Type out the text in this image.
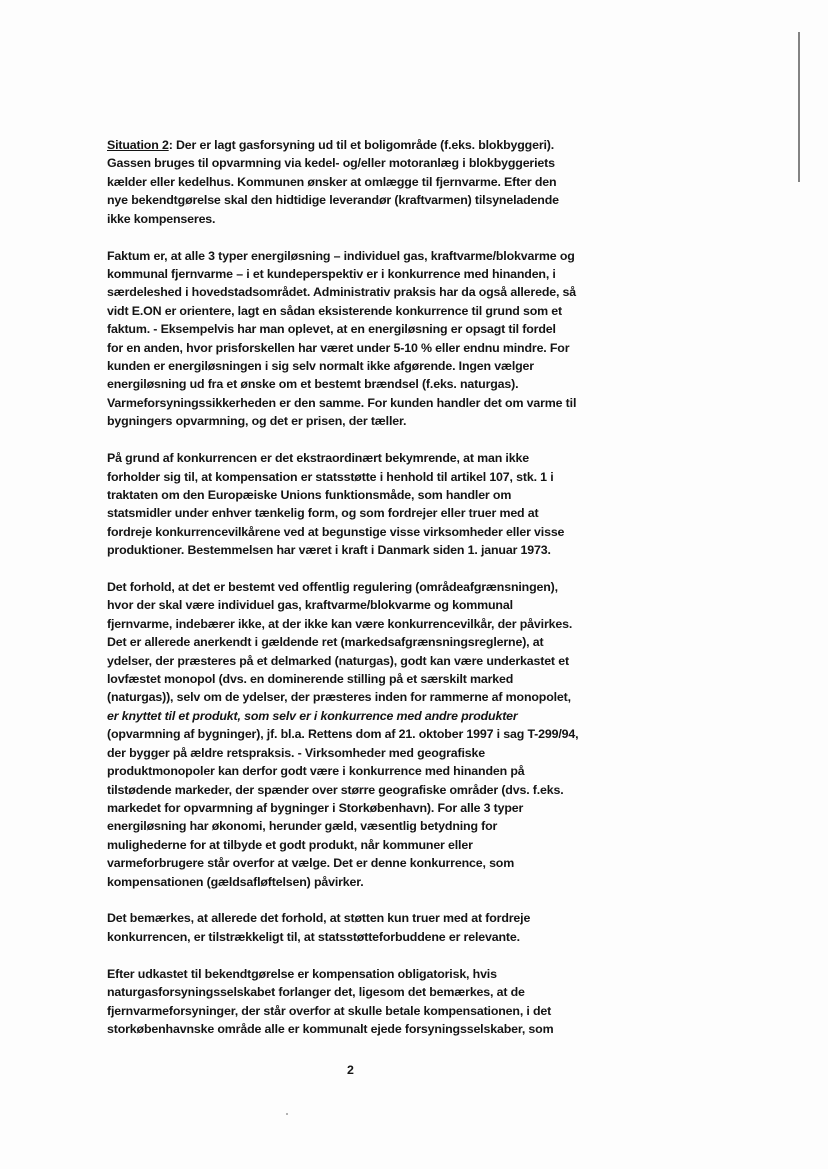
Situation 2: Der er lagt gasforsyning ud til et boligområde (f.eks. blokbyggeri).
Gassen bruges til opvarmning via kedel- og/eller motoranlæg i blokbyggeriets
kælder eller kedelhus. Kommunen ønsker at omlægge til fjernvarme. Efter den
nye bekendtgørelse skal den hidtidige leverandør (kraftvarmen) tilsyneladende
ikke kompenseres.
Faktum er, at alle 3 typer energiløsning – individuel gas, kraftvarme/blokvarme og
kommunal fjernvarme – i et kundeperspektiv er i konkurrence med hinanden, i
særdeleshed i hovedstadsområdet. Administrativ praksis har da også allerede, så
vidt E.ON er orientere, lagt en sådan eksisterende konkurrence til grund som et
faktum. - Eksempelvis har man oplevet, at en energiløsning er opsagt til fordel
for en anden, hvor prisforskellen har været under 5-10 % eller endnu mindre. For
kunden er energiløsningen i sig selv normalt ikke afgørende. Ingen vælger
energiløsning ud fra et ønske om et bestemt brændsel (f.eks. naturgas).
Varmeforsyningssikkerheden er den samme. For kunden handler det om varme til
bygningers opvarmning, og det er prisen, der tæller.
På grund af konkurrencen er det ekstraordinært bekymrende, at man ikke
forholder sig til, at kompensation er statsstøtte i henhold til artikel 107, stk. 1 i
traktaten om den Europæiske Unions funktionsmåde, som handler om
statsmidler under enhver tænkelig form, og som fordrejer eller truer med at
fordreje konkurrencevilkårene ved at begunstige visse virksomheder eller visse
produktioner. Bestemmelsen har været i kraft i Danmark siden 1. januar 1973.
Det forhold, at det er bestemt ved offentlig regulering (områdeafgrænsningen),
hvor der skal være individuel gas, kraftvarme/blokvarme og kommunal
fjernvarme, indebærer ikke, at der ikke kan være konkurrencevilkår, der påvirkes.
Det er allerede anerkendt i gældende ret (markedsafgrænsningsreglerne), at
ydelser, der præsteres på et delmarked (naturgas), godt kan være underkastet et
lovfæstet monopol (dvs. en dominerende stilling på et særskilt marked
(naturgas)), selv om de ydelser, der præsteres inden for rammerne af monopolet,
er knyttet til et produkt, som selv er i konkurrence med andre produkter
(opvarmning af bygninger), jf. bl.a. Rettens dom af 21. oktober 1997 i sag T-299/94,
der bygger på ældre retspraksis. - Virksomheder med geografiske
produktmonopoler kan derfor godt være i konkurrence med hinanden på
tilstødende markeder, der spænder over større geografiske områder (dvs. f.eks.
markedet for opvarmning af bygninger i Storkøbenhavn). For alle 3 typer
energiløsning har økonomi, herunder gæld, væsentlig betydning for
mulighederne for at tilbyde et godt produkt, når kommuner eller
varmeforbrugere står overfor at vælge. Det er denne konkurrence, som
kompensationen (gældsafløftelsen) påvirker.
Det bemærkes, at allerede det forhold, at støtten kun truer med at fordreje
konkurrencen, er tilstrækkeligt til, at statsstøtteforbuddene er relevante.
Efter udkastet til bekendtgørelse er kompensation obligatorisk, hvis
naturgasforsyningsselskabet forlanger det, ligesom det bemærkes, at de
fjernvarmeforsyninger, der står overfor at skulle betale kompensationen, i det
storkøbenhavnske område alle er kommunalt ejede forsyningsselskaber, som
2
